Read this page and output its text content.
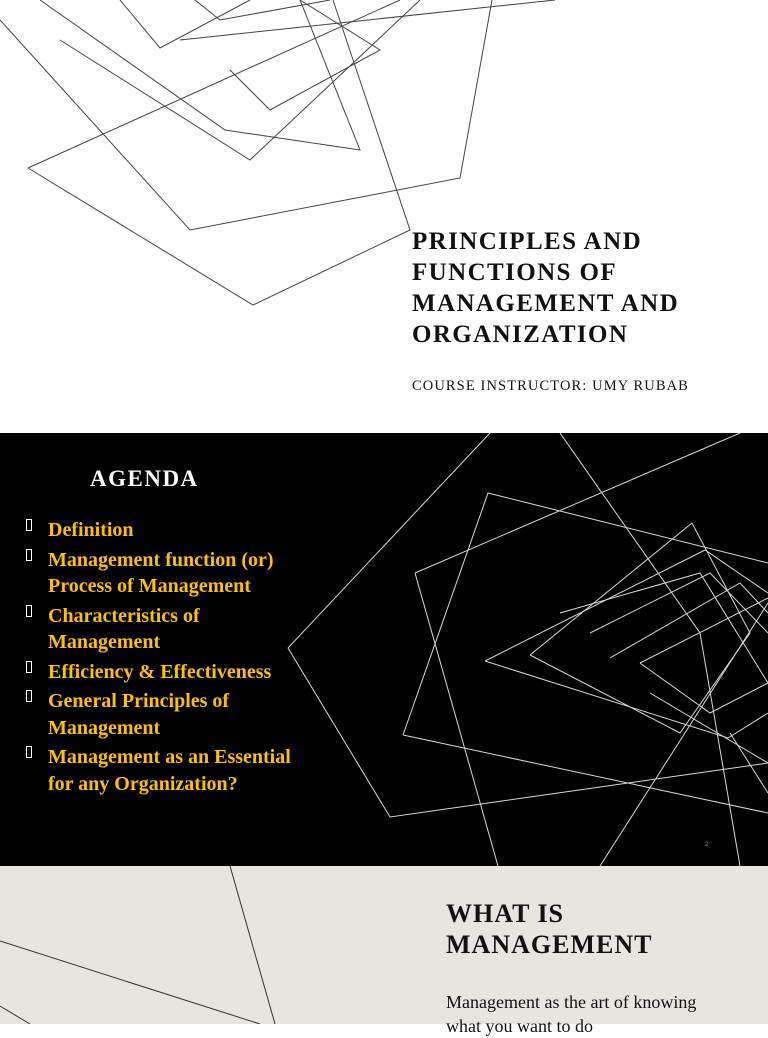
PRINCIPLES AND FUNCTIONS OF MANAGEMENT AND ORGANIZATION
COURSE INSTRUCTOR: UMY RUBAB
AGENDA
Definition
Management function (or) Process of Management
Characteristics of Management
Efficiency & Effectiveness
General Principles of Management
Management as an Essential for any Organization?
2
WHAT IS MANAGEMENT

Management as the art of knowing what you want to do
